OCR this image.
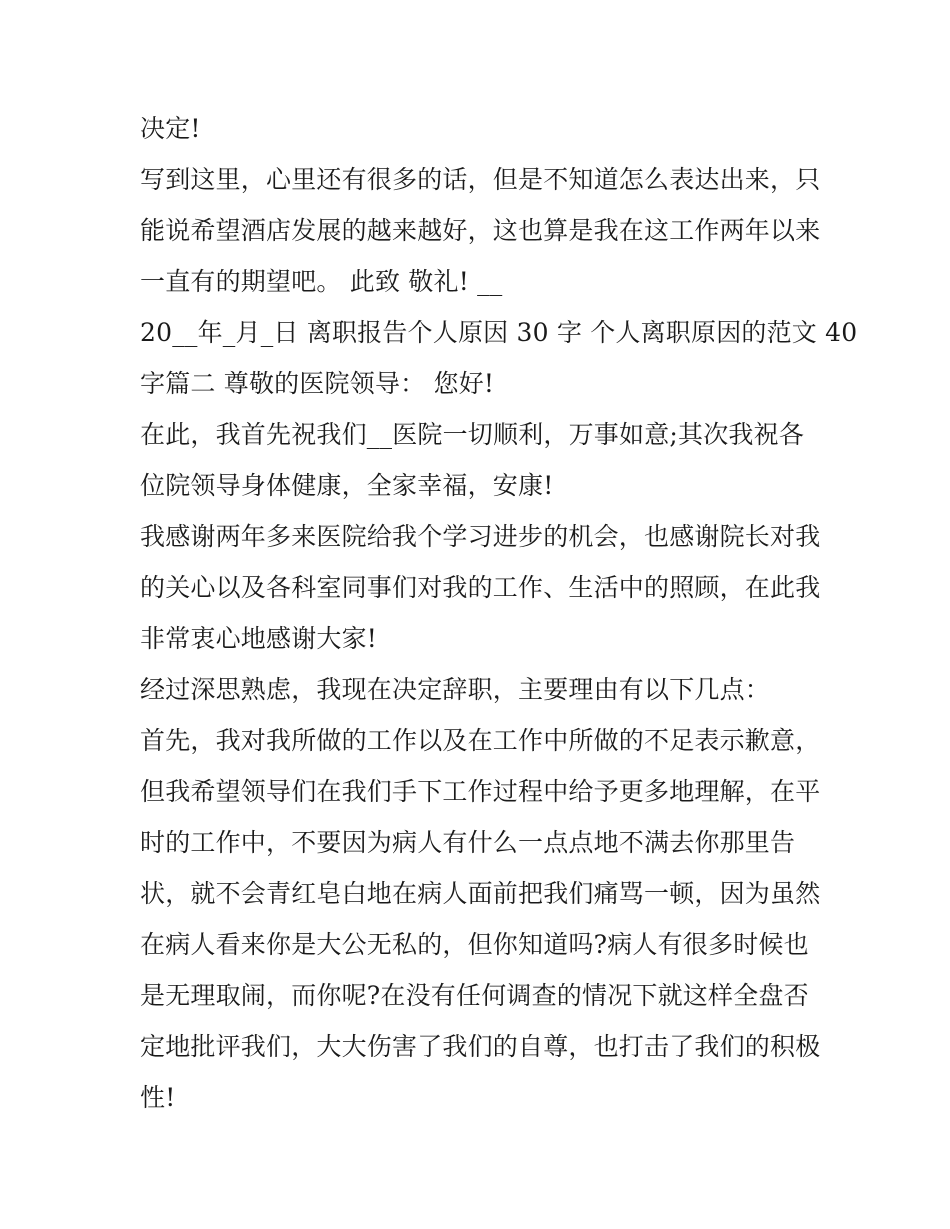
决定!
写到这里，心里还有很多的话，但是不知道怎么表达出来，只
能说希望酒店发展的越来越好，这也算是我在这工作两年以来
一直有的期望吧。 此致 敬礼! __
20__年_月_日 离职报告个人原因 30 字 个人离职原因的范文 40
字篇二 尊敬的医院领导： 您好!
在此，我首先祝我们__医院一切顺利，万事如意;其次我祝各
位院领导身体健康，全家幸福，安康!
我感谢两年多来医院给我个学习进步的机会，也感谢院长对我
的关心以及各科室同事们对我的工作、生活中的照顾，在此我
非常衷心地感谢大家!
经过深思熟虑，我现在决定辞职，主要理由有以下几点：
首先，我对我所做的工作以及在工作中所做的不足表示歉意，
但我希望领导们在我们手下工作过程中给予更多地理解，在平
时的工作中，不要因为病人有什么一点点地不满去你那里告
状，就不会青红皂白地在病人面前把我们痛骂一顿，因为虽然
在病人看来你是大公无私的，但你知道吗?病人有很多时候也
是无理取闹，而你呢?在没有任何调查的情况下就这样全盘否
定地批评我们，大大伤害了我们的自尊，也打击了我们的积极
性!
